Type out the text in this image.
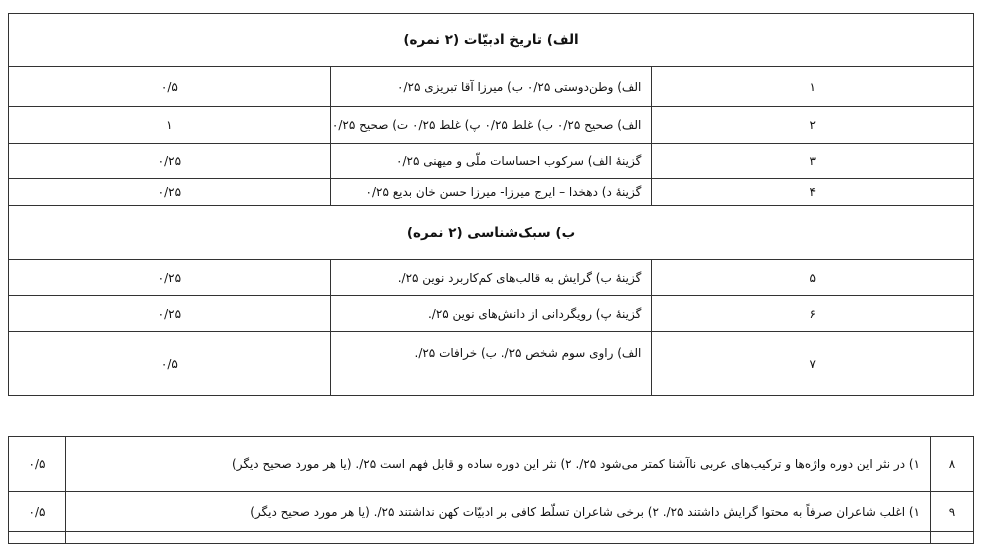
الف) تاریخ ادبیّات (۲ نمره)		
۱	الف) وطن‌دوستی ۰/۲۵ ب) میرزا آقا تبریزی ۰/۲۵	۰/۵
۲	الف) صحیح ۰/۲۵ ب) غلط ۰/۲۵ پ) غلط ۰/۲۵ ت) صحیح ۰/۲۵	۱
۳	گزینهٔ الف) سرکوب احساسات ملّی و میهنی ۰/۲۵	۰/۲۵
۴	گزینهٔ د) دهخدا – ایرج میرزا- میرزا حسن خان بدیع ۰/۲۵	۰/۲۵
ب) سبک‌شناسی (۲ نمره)		
۵	گزینهٔ ب) گرایش به قالب‌های کم‌کاربرد نوین ۲۵/.	۰/۲۵
۶	گزینهٔ پ) رویگردانی از دانش‌های نوین ۲۵/.	۰/۲۵
۷	الف) راوی سوم شخص ۲۵/. ب) خرافات ۲۵/.	۰/۵
۸	۱) در نثر این دوره واژه‌ها و ترکیب‌های عربی ناآشنا کمتر می‌شود ۲۵/. ۲) نثر این دوره ساده و قابل فهم است ۲۵/. (یا هر مورد صحیح دیگر)	۰/۵
۹	۱) اغلب شاعران صرفاً به محتوا گرایش داشتند ۲۵/. ۲) برخی شاعران تسلّط کافی بر ادبیّات کهن نداشتند ۲۵/. (یا هر مورد صحیح دیگر)	۰/۵
